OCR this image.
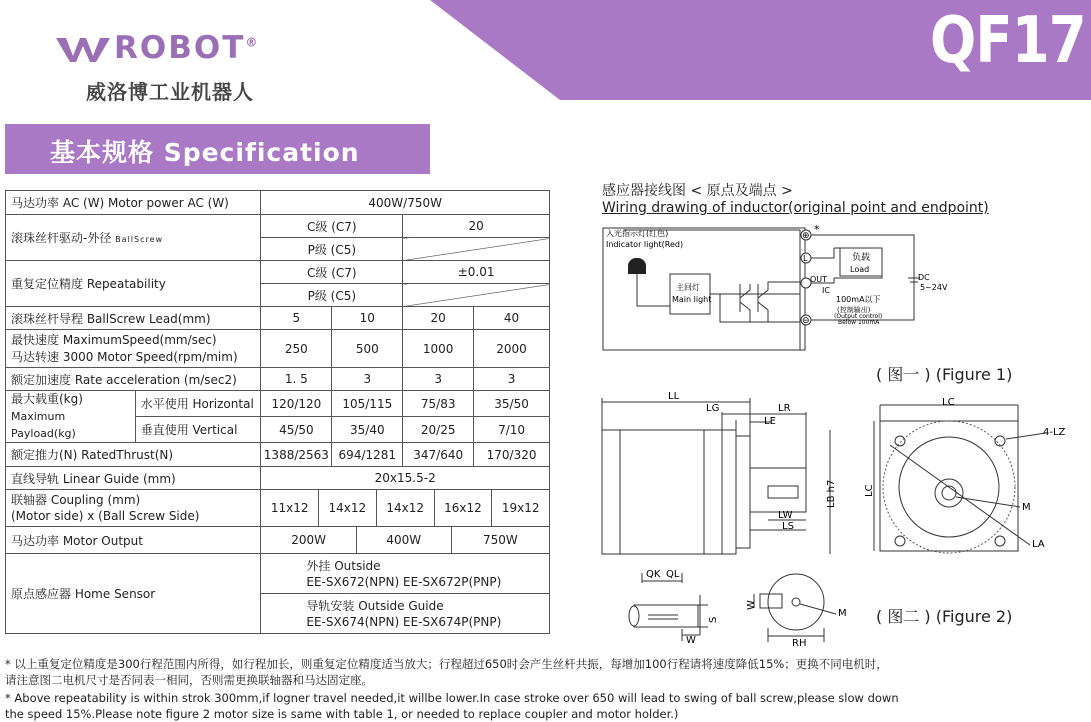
ROBOT®
威洛博工业机器人
QF17
基本规格 Specification
马达功率 AC (W) Motor power AC (W)	400W/750W
滚珠丝杆驱动-外径 BallScrew	C级 (C7)	20
P级 (C5)	
重复定位精度 Repeatability	C级 (C7)	±0.01
P级 (C5)	
滚珠丝杆导程 BallScrew Lead(mm)	5	10	20	40

最快速度 MaximumSpeed(mm/sec)
马达转速 3000 Motor Speed(rpm/mim)
	250	500	1000	2000
额定加速度 Rate acceleration (m/sec2)	1. 5	3	3	3

最大载重(kg)
Maximum Payload(kg)
	水平使用 Horizontal	120/120	105/115	75/83	35/50
垂直使用 Vertical	45/50	35/40	20/25	7/10
额定推力(N) RatedThrust(N)	1388/2563	694/1281	347/640	170/320
直线导轨 Linear Guide (mm)	20x15.5-2

联轴器 Coupling (mm)
(Motor side) x (Ball Screw Side)

11x12	14x12	14x12	16x12	19x12

马达功率 Motor Output		200W	400W	750W

原点感应器 Home Sensor	
外挂 Outside
EE-SX672(NPN) EE-SX672P(PNP)

导轨安装 Outside Guide
EE-SX674(NPN) EE-SX674P(PNP)
感应器接线图 < 原点及端点 >
Wiring drawing of inductor(original point and endpoint)
入光指示灯(红色)
Indicator light(Red)
主回灯
Main light
⊕ *
L
⊖
负载
Load
OUT
IC
100mA以下
(控制输出)
(Output control)
Below 100mA
DC
5~24V
LL
LG	LR
LE
LB h7
LW
LS
LC
LC
4-LZ
M
LA
( 图一 ) (Figure 1)
QK QL
S
W
M
W
RH
( 图二 ) (Figure 2)
* 以上重复定位精度是300行程范围内所得，如行程加长，则重复定位精度适当放大；行程超过650时会产生丝杆共振，每增加100行程请将速度降低15%；更换不同电机时，
请注意图二电机尺寸是否同表一相同，否则需更换联轴器和马达固定座。
* Above repeatability is within strok 300mm,if logner travel needed,it willbe lower.In case stroke over 650 will lead to swing of ball screw,please slow down
the speed 15%.Please note figure 2 motor size is same with table 1, or needed to replace coupler and motor holder.)
